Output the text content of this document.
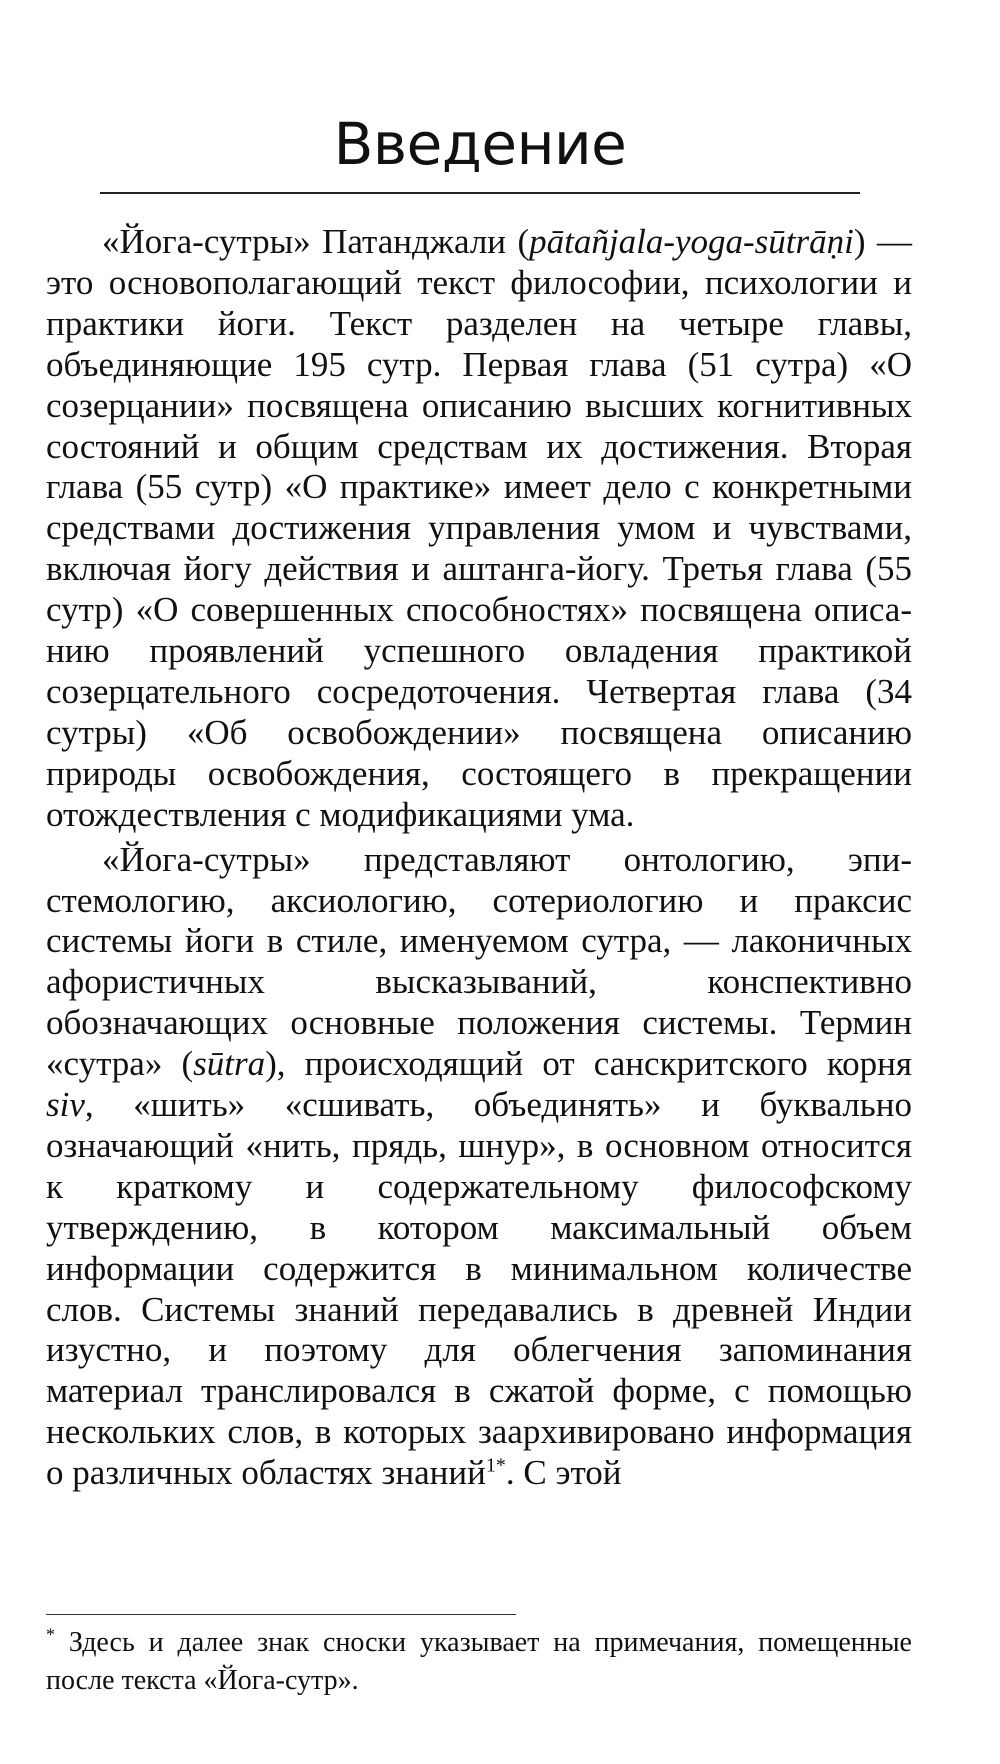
Введение

«Йога-сутры» Патанджали (pātañjala-yoga-sūtrāṇi) — это основополагающий текст философии, психологии и практики йоги. Текст разделен на четыре главы, объединяющие 195 сутр. Первая глава (51 сутра) «О созерцании» посвящена описанию высших когнитивных состояний и общим средствам их достижения. Вторая глава (55 сутр) «О практике» имеет дело с конкретными средствами достижения управления умом и чувствами, включая йогу действия и аштанга-йогу. Третья глава (55 сутр) «О совершенных способностях» посвящена описанию проявлений успешного овладения практикой созерцательного сосредоточения. Четвертая глава (34 сутры) «Об освобождении» посвящена описанию природы освобождения, состоящего в прекращении отождествления с модификациями ума.

«Йога-сутры» представляют онтологию, эпистемологию, аксиологию, сотериологию и праксис системы йоги в стиле, именуемом сутра, — лаконичных афористичных высказываний, конспективно обозначающих основные положения системы. Термин «сутра» (sūtra), происходящий от санскритского корня siv, «шить» «сшивать, объединять» и буквально означающий «нить, прядь, шнур», в основном относится к краткому и содержательному философскому утверждению, в котором максимальный объем информации содержится в минимальном количестве слов. Системы знаний передавались в древней Индии изустно, и поэтому для облегчения запоминания материал транслировался в сжатой форме, с помощью нескольких слов, в которых заархивировано информация о различных областях знаний$^{1*}$. С этой

* Здесь и далее знак сноски указывает на примечания, помещенные после текста «Йога-сутр».
